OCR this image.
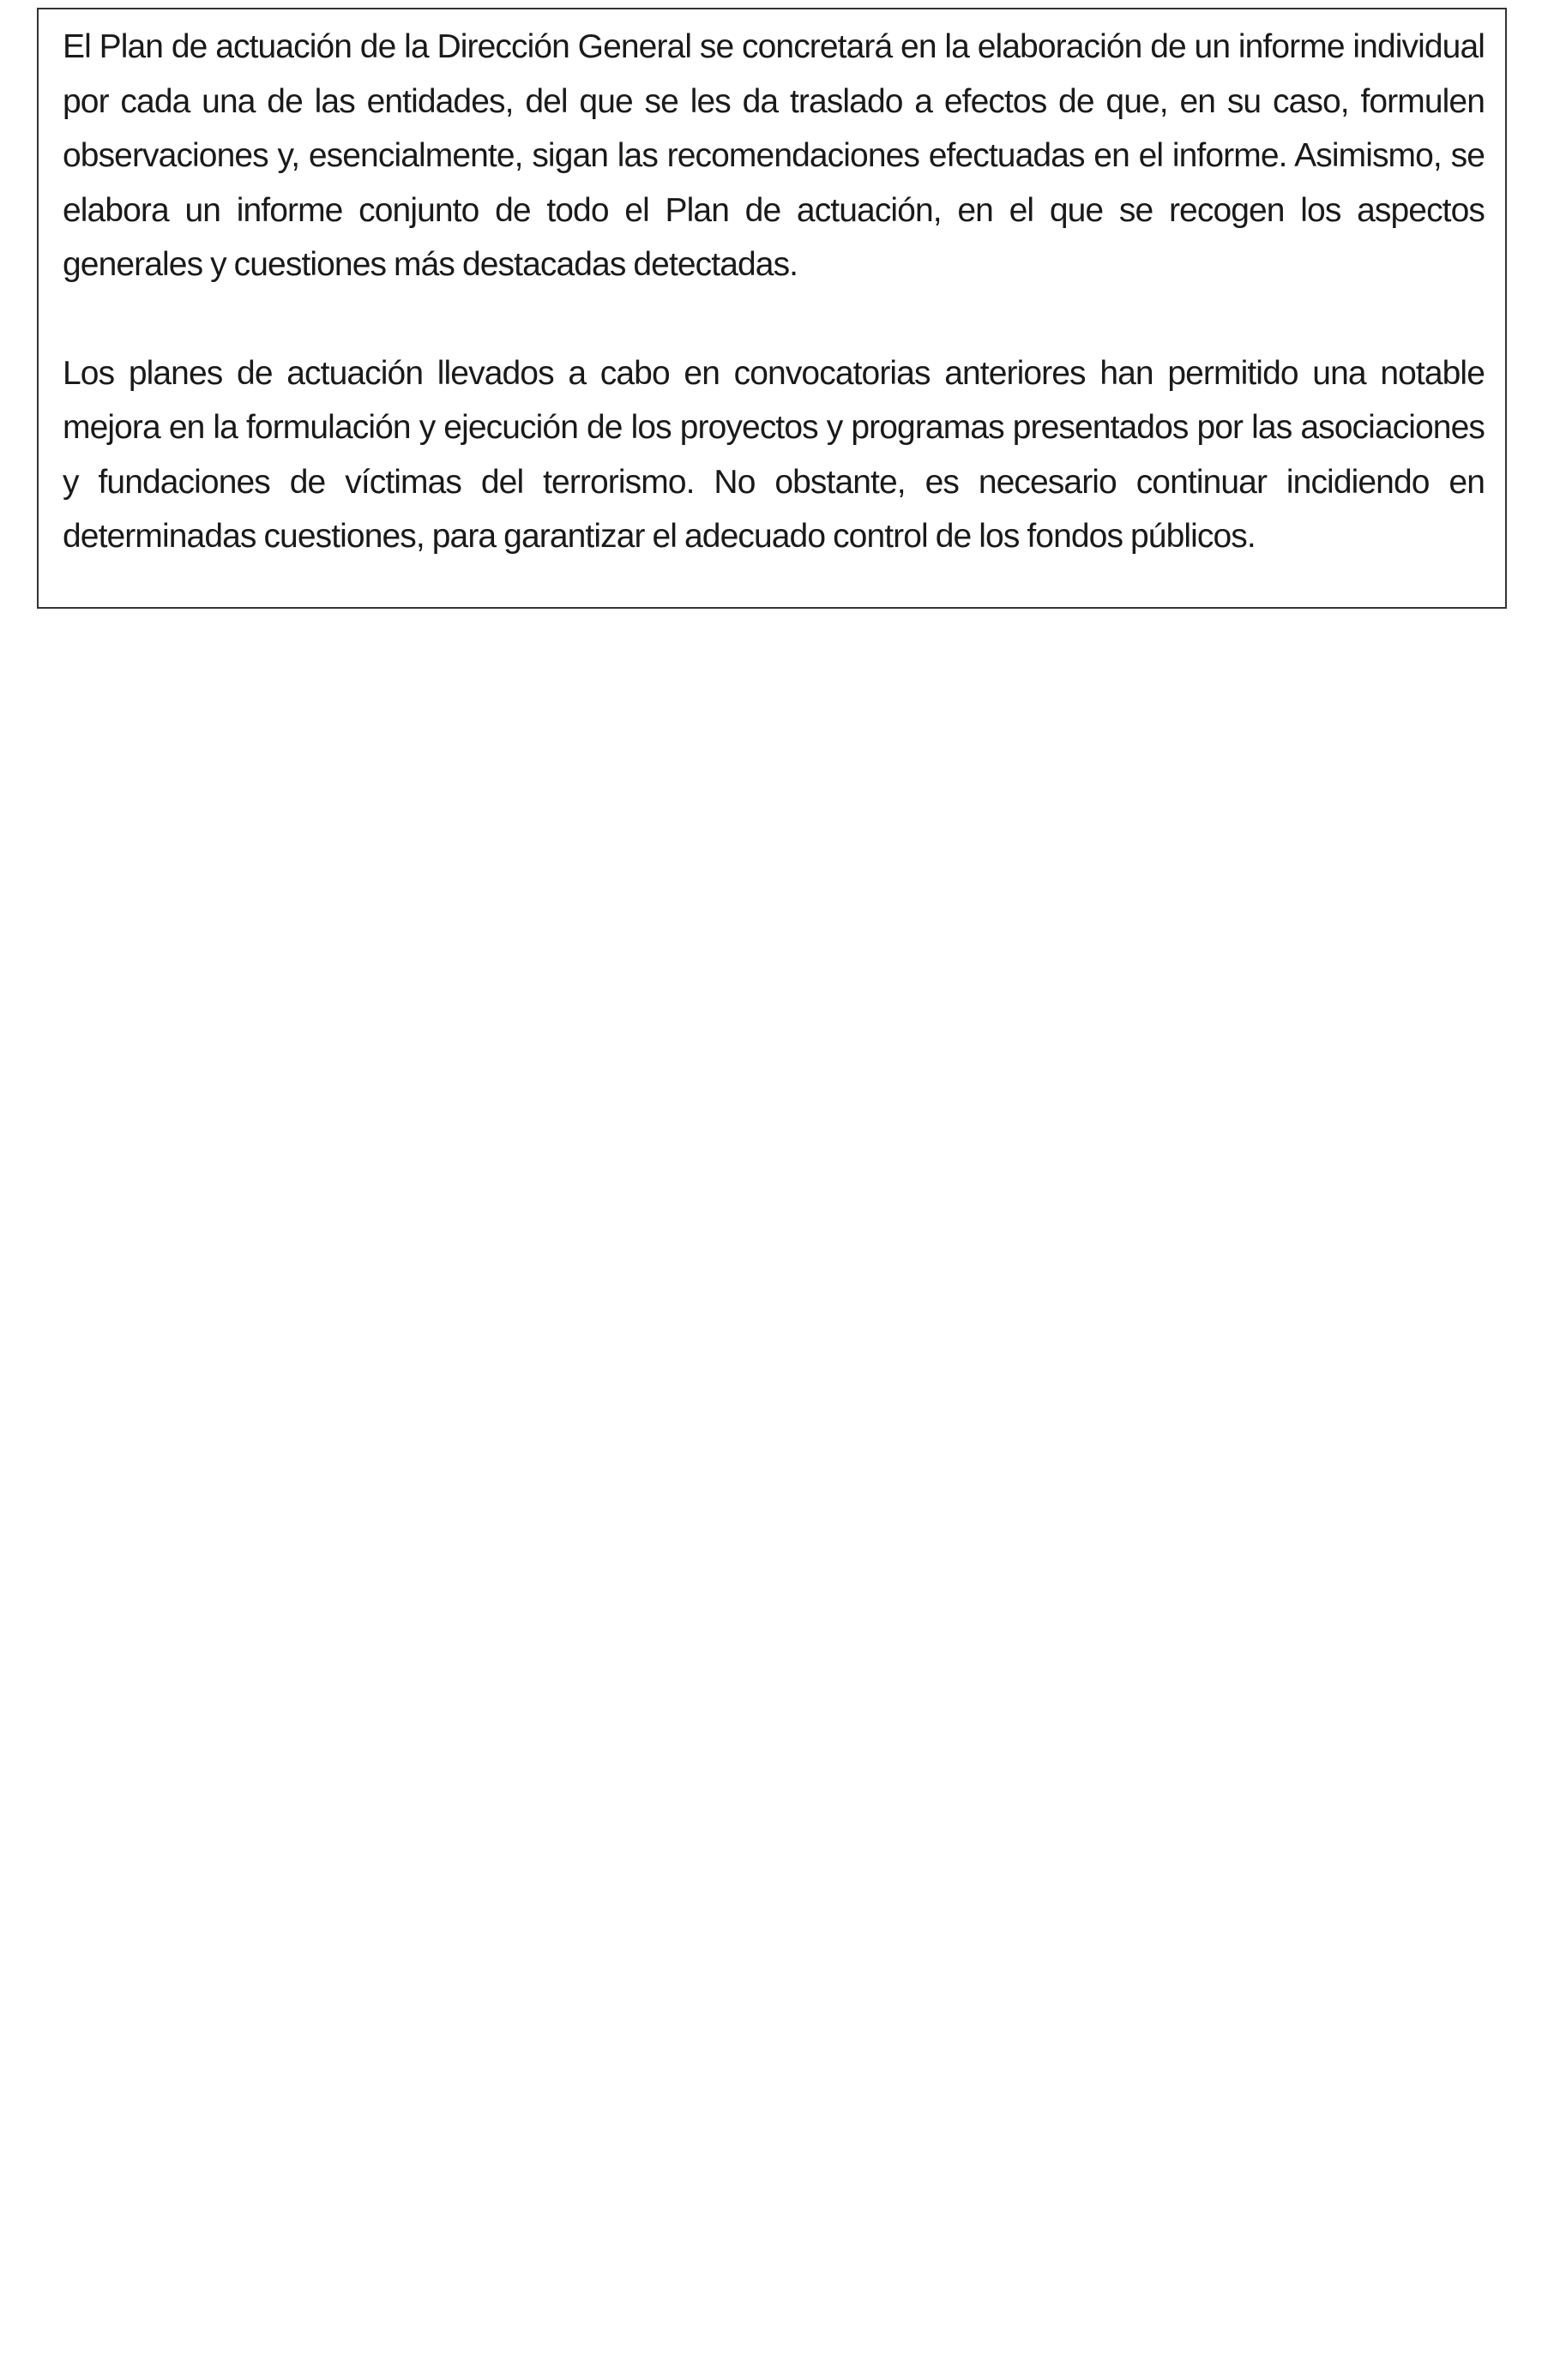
El Plan de actuación de la Dirección General se concretará en la elaboración de un informe individual por cada una de las entidades, del que se les da traslado a efectos de que, en su caso, formulen observaciones y, esencialmente, sigan las recomendaciones efectuadas en el informe. Asimismo, se elabora un informe conjunto de todo el Plan de actuación, en el que se recogen los aspectos generales y cuestiones más destacadas detectadas.

Los planes de actuación llevados a cabo en convocatorias anteriores han permitido una notable mejora en la formulación y ejecución de los proyectos y programas presentados por las asociaciones y fundaciones de víctimas del terrorismo. No obstante, es necesario continuar incidiendo en determinadas cuestiones, para garantizar el adecuado control de los fondos públicos.
